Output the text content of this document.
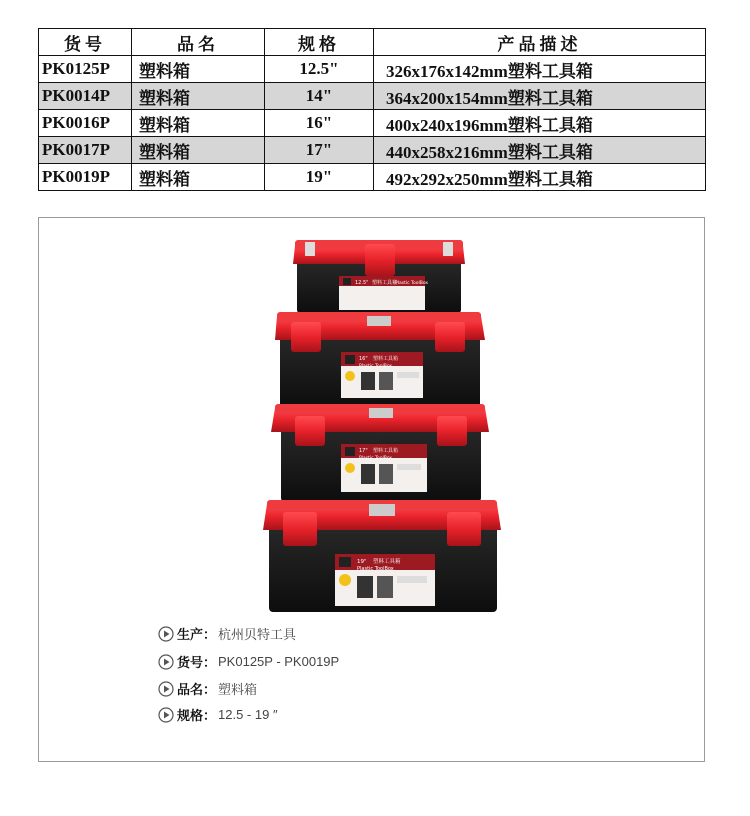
货号	品名	规格	产品描述
PK0125P	塑料箱	12.5"	326x176x142mm塑料工具箱
PK0014P	塑料箱	14"	364x200x154mm塑料工具箱
PK0016P	塑料箱	16"	400x240x196mm塑料工具箱
PK0017P	塑料箱	17"	440x258x216mm塑料工具箱
PK0019P	塑料箱	19"	492x292x250mm塑料工具箱
12.5" 塑料工具箱
Plastic ToolBox
16" 塑料工具箱
Plastic ToolBox
17" 塑料工具箱
Plastic ToolBox
19" 塑料工具箱
Plastic ToolBox
生产： 杭州贝特工具
货号： PK0125P - PK0019P
品名： 塑料箱
规格： 12.5 - 19 ″
